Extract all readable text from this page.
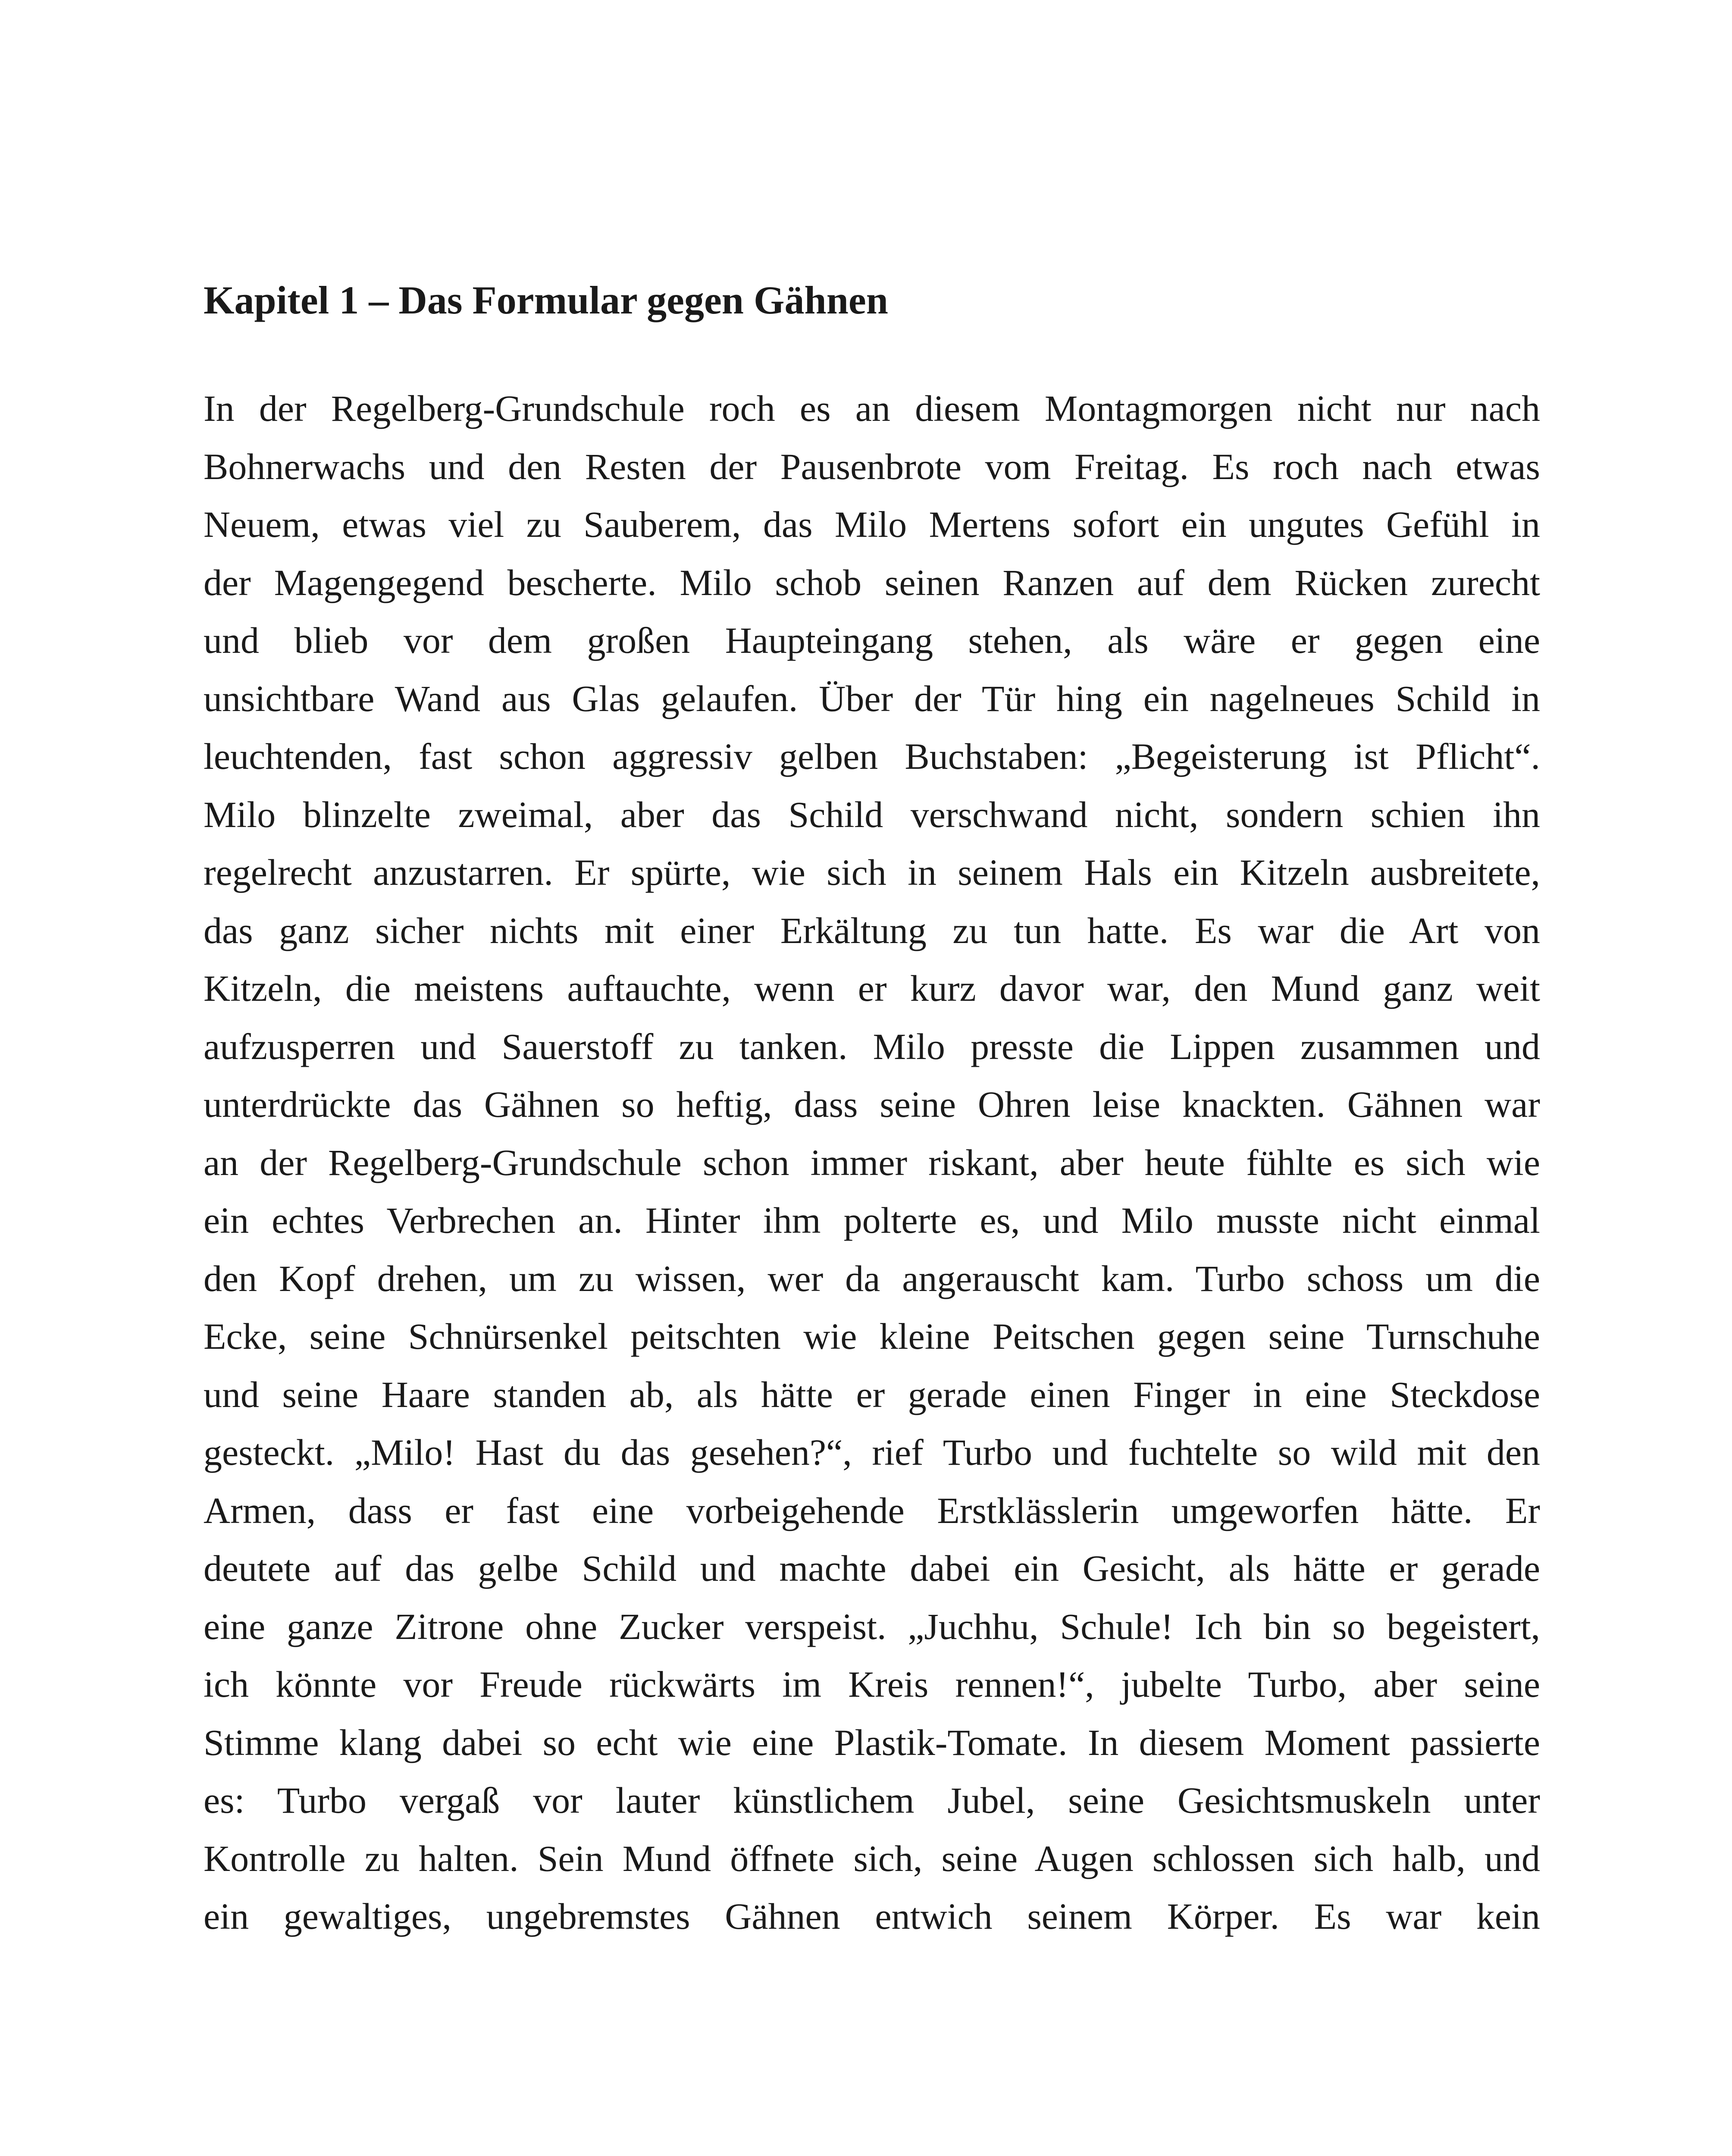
Kapitel 1 – Das Formular gegen Gähnen
In der Regelberg-Grundschule roch es an diesem Montagmorgen nicht nur nach
Bohnerwachs und den Resten der Pausenbrote vom Freitag. Es roch nach etwas
Neuem, etwas viel zu Sauberem, das Milo Mertens sofort ein ungutes Gefühl in
der Magengegend bescherte. Milo schob seinen Ranzen auf dem Rücken zurecht
und blieb vor dem großen Haupteingang stehen, als wäre er gegen eine
unsichtbare Wand aus Glas gelaufen. Über der Tür hing ein nagelneues Schild in
leuchtenden, fast schon aggressiv gelben Buchstaben: „Begeisterung ist Pflicht“.
Milo blinzelte zweimal, aber das Schild verschwand nicht, sondern schien ihn
regelrecht anzustarren. Er spürte, wie sich in seinem Hals ein Kitzeln ausbreitete,
das ganz sicher nichts mit einer Erkältung zu tun hatte. Es war die Art von
Kitzeln, die meistens auftauchte, wenn er kurz davor war, den Mund ganz weit
aufzusperren und Sauerstoff zu tanken. Milo presste die Lippen zusammen und
unterdrückte das Gähnen so heftig, dass seine Ohren leise knackten. Gähnen war
an der Regelberg-Grundschule schon immer riskant, aber heute fühlte es sich wie
ein echtes Verbrechen an. Hinter ihm polterte es, und Milo musste nicht einmal
den Kopf drehen, um zu wissen, wer da angerauscht kam. Turbo schoss um die
Ecke, seine Schnürsenkel peitschten wie kleine Peitschen gegen seine Turnschuhe
und seine Haare standen ab, als hätte er gerade einen Finger in eine Steckdose
gesteckt. „Milo! Hast du das gesehen?“, rief Turbo und fuchtelte so wild mit den
Armen, dass er fast eine vorbeigehende Erstklässlerin umgeworfen hätte. Er
deutete auf das gelbe Schild und machte dabei ein Gesicht, als hätte er gerade
eine ganze Zitrone ohne Zucker verspeist. „Juchhu, Schule! Ich bin so begeistert,
ich könnte vor Freude rückwärts im Kreis rennen!“, jubelte Turbo, aber seine
Stimme klang dabei so echt wie eine Plastik-Tomate. In diesem Moment passierte
es: Turbo vergaß vor lauter künstlichem Jubel, seine Gesichtsmuskeln unter
Kontrolle zu halten. Sein Mund öffnete sich, seine Augen schlossen sich halb, und
ein gewaltiges, ungebremstes Gähnen entwich seinem Körper. Es war kein
